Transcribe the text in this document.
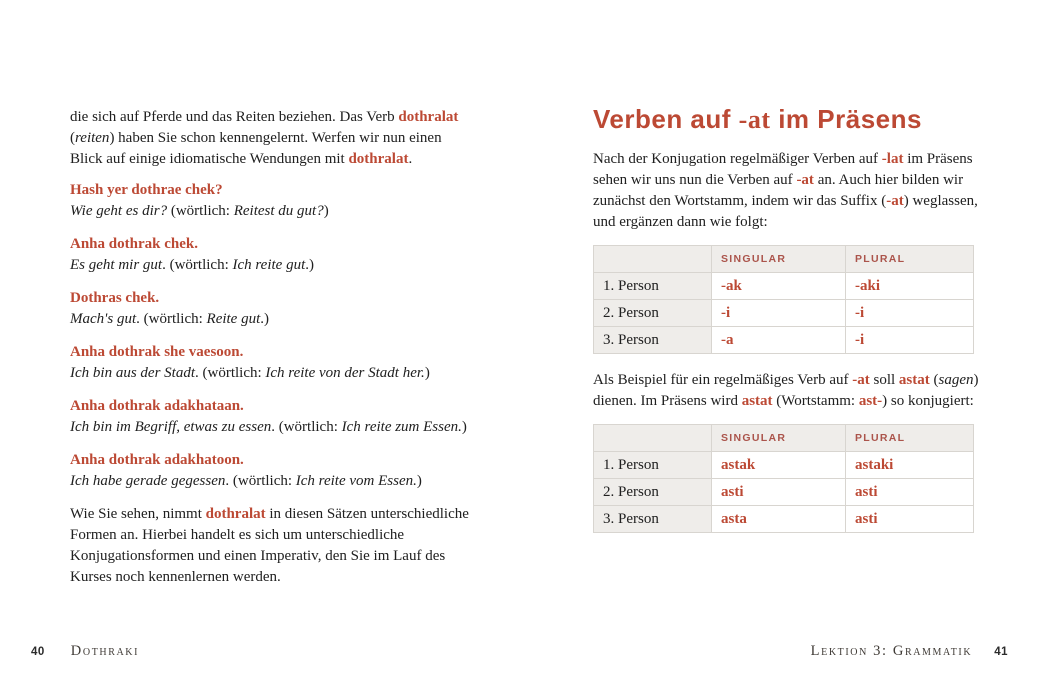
die sich auf Pferde und das Reiten beziehen. Das Verb dothralat
(reiten) haben Sie schon kennengelernt. Werfen wir nun einen
Blick auf einige idiomatische Wendungen mit dothralat.

Hash yer dothrae chek?

Wie geht es dir? (wörtlich: Reitest du gut?)

Anha dothrak chek.

Es geht mir gut. (wörtlich: Ich reite gut.)

Dothras chek.

Mach's gut. (wörtlich: Reite gut.)

Anha dothrak she vaesoon.

Ich bin aus der Stadt. (wörtlich: Ich reite von der Stadt her.)

Anha dothrak adakhataan.

Ich bin im Begriff, etwas zu essen. (wörtlich: Ich reite zum Essen.)

Anha dothrak adakhatoon.

Ich habe gerade gegessen. (wörtlich: Ich reite vom Essen.)

Wie Sie sehen, nimmt dothralat in diesen Sätzen unterschiedliche
Formen an. Hierbei handelt es sich um unterschiedliche
Konjugationsformen und einen Imperativ, den Sie im Lauf des
Kurses noch kennenlernen werden.

40 Dothraki
Verben auf -at im Präsens

Nach der Konjugation regelmäßiger Verben auf -lat im Präsens
sehen wir uns nun die Verben auf -at an. Auch hier bilden wir
zunächst den Wortstamm, indem wir das Suffix (-at) weglassen,
und ergänzen dann wie folgt:

	SINGULAR	PLURAL
1. Person	-ak	-aki
2. Person	-i	-i
3. Person	-a	-i

Als Beispiel für ein regelmäßiges Verb auf -at soll astat (sagen)
dienen. Im Präsens wird astat (Wortstamm: ast-) so konjugiert:

	SINGULAR	PLURAL
1. Person	astak	astaki
2. Person	asti	asti
3. Person	asta	asti
Lektion 3: Grammatik 41
